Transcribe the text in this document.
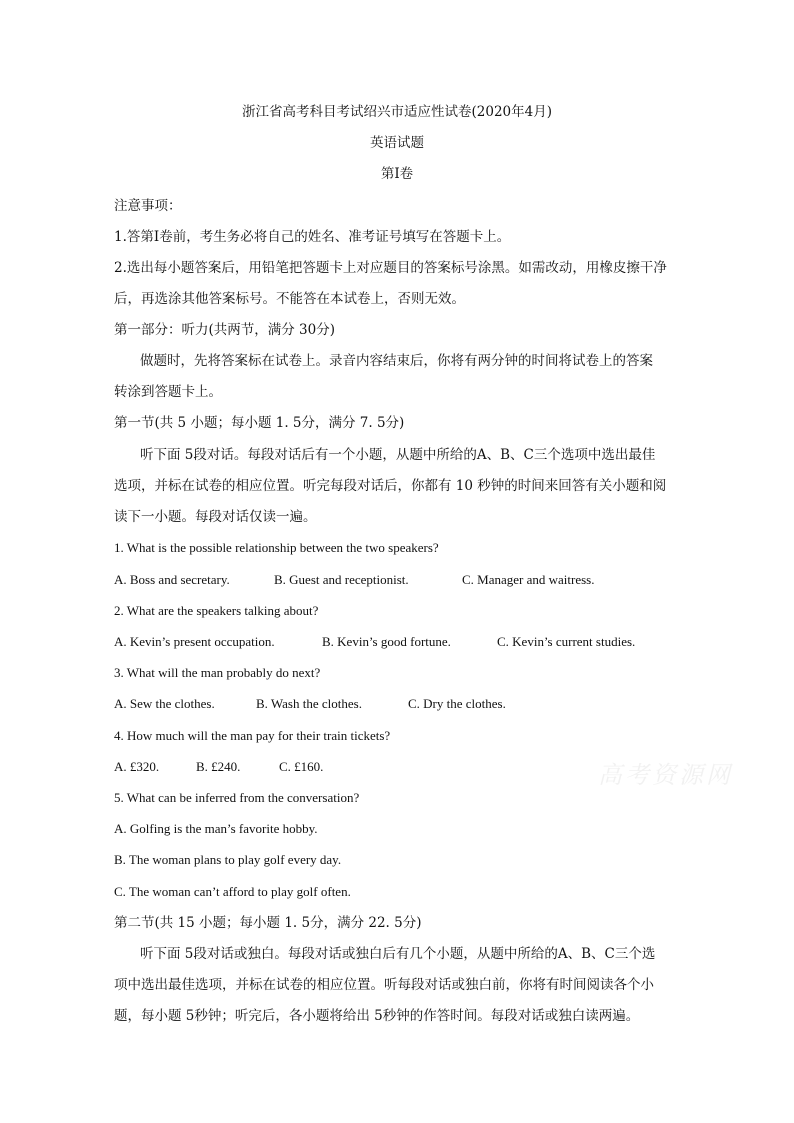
浙江省高考科目考试绍兴市适应性试卷(2020年4月)
英语试题
第I卷
注意事项：
1.答第I卷前，考生务必将自己的姓名、准考证号填写在答题卡上。
2.选出每小题答案后，用铅笔把答题卡上对应题目的答案标号涂黑。如需改动，用橡皮擦干净
后，再选涂其他答案标号。不能答在本试卷上，否则无效。
第一部分：听力(共两节，满分 30分)
做题时，先将答案标在试卷上。录音内容结束后，你将有两分钟的时间将试卷上的答案
转涂到答题卡上。
第一节(共 5 小题；每小题 1. 5分，满分 7. 5分)
听下面 5段对话。每段对话后有一个小题，从题中所给的A、B、C三个选项中选出最佳
选项，并标在试卷的相应位置。听完每段对话后，你都有 10 秒钟的时间来回答有关小题和阅
读下一小题。每段对话仅读一遍。
1. What is the possible relationship between the two speakers?
A. Boss and secretary.	B. Guest and receptionist.	C. Manager and waitress.
2. What are the speakers talking about?
A. Kevin’s present occupation.	B. Kevin’s good fortune.	C. Kevin’s current studies.
3. What will the man probably do next?
A. Sew the clothes.	B. Wash the clothes.	C. Dry the clothes.
4. How much will the man pay for their train tickets?
A. £320.	B. £240.	C. £160.
5. What can be inferred from the conversation?
A. Golfing is the man’s favorite hobby.
B. The woman plans to play golf every day.
C. The woman can’t afford to play golf often.
第二节(共 15 小题；每小题 1. 5分，满分 22. 5分)
听下面 5段对话或独白。每段对话或独白后有几个小题，从题中所给的A、B、C三个选
项中选出最佳选项，并标在试卷的相应位置。听每段对话或独白前，你将有时间阅读各个小
题，每小题 5秒钟；听完后，各小题将给出 5秒钟的作答时间。每段对话或独白读两遍。
高考资源网
